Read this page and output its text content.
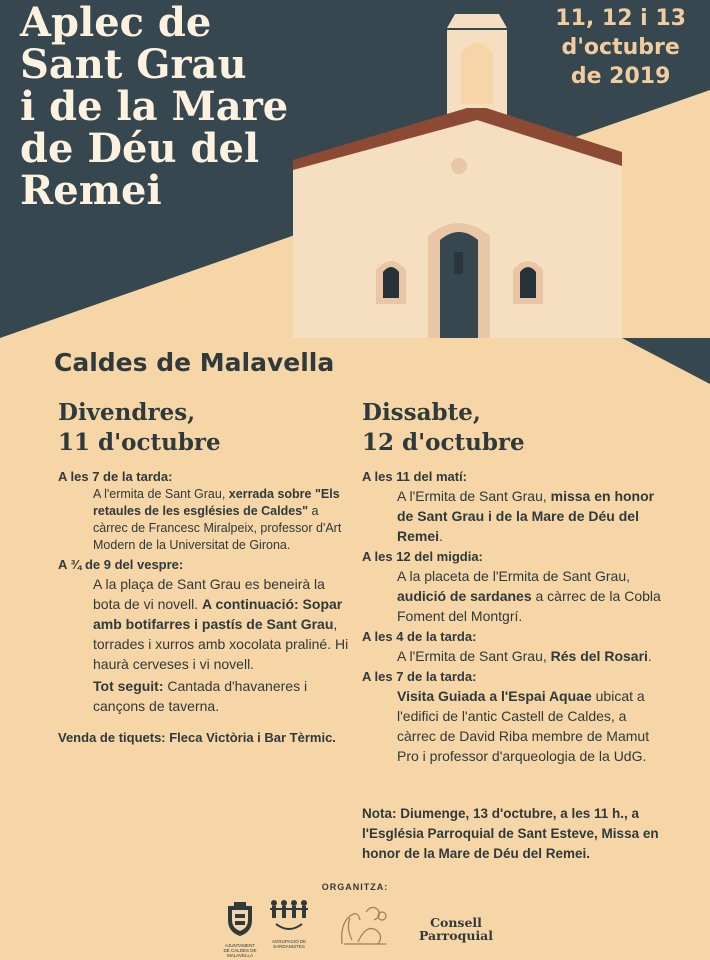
Aplec de
Sant Grau
i de la Mare
de Déu del
Remei
11, 12 i 13
d'octubre
de 2019
Caldes de Malavella
Divendres,
11 d'octubre
A les 7 de la tarda:
A l'ermita de Sant Grau, xerrada sobre "Els retaules de les esglésies de Caldes" a càrrec de Francesc Miralpeix, professor d'Art Modern de la Universitat de Girona.
A ¾ de 9 del vespre:
A la plaça de Sant Grau es beneirà la bota de vi novell. A continuació: Sopar amb botifarres i pastís de Sant Grau, torrades i xurros amb xocolata praliné. Hi haurà cerveses i vi novell.
Tot seguit: Cantada d'havaneres i cançons de taverna.
Venda de tiquets: Fleca Victòria i Bar Tèrmic.
Dissabte,
12 d'octubre
A les 11 del matí:
A l'Ermita de Sant Grau, missa en honor de Sant Grau i de la Mare de Déu del Remei.
A les 12 del migdia:
A la placeta de l'Ermita de Sant Grau, audició de sardanes a càrrec de la Cobla Foment del Montgrí.
A les 4 de la tarda:
A l'Ermita de Sant Grau, Rés del Rosari.
A les 7 de la tarda:
Visita Guiada a l'Espai Aquae ubicat a l'edifici de l'antic Castell de Caldes, a càrrec de David Riba membre de Mamut Pro i professor d'arqueologia de la UdG.
Nota: Diumenge, 13 d'octubre, a les 11 h., a l'Església Parroquial de Sant Esteve, Missa en honor de la Mare de Déu del Remei.
ORGANITZA:
AJUNTAMENT
DE CALDES DE
MALAVELLA
AGRUPACIÓ DE
SARDANISTES
Consell
Parroquial
